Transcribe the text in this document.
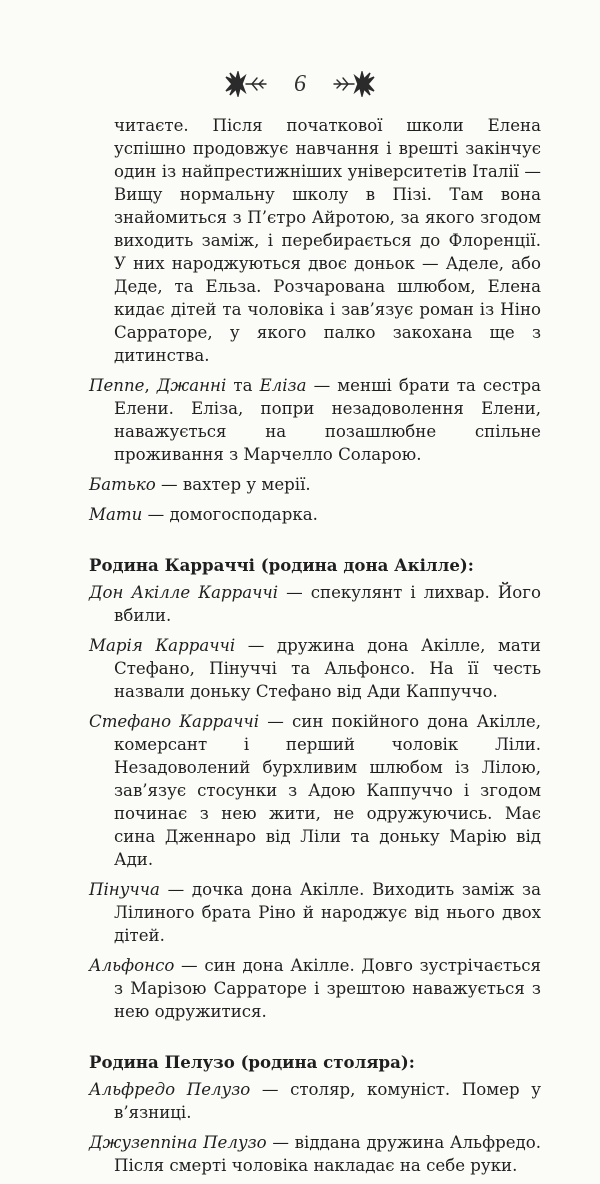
6

читаєте. Після початкової школи Елена успішно продовжує навчання і врешті закінчує один із найпрестижніших університетів Італії — Вищу нормальну школу в Пізі. Там вона знайомиться з П’єтро Айротою, за якого згодом виходить заміж, і перебирається до Флоренції. У них народжуються двоє доньок — Аделе, або Деде, та Ельза. Розчарована шлюбом, Елена кидає дітей та чоловіка і зав’язує роман із Ніно Сарраторе, у якого палко закохана ще з дитинства.

Пеппе, Джанні та Еліза — менші брати та сестра Елени. Еліза, попри незадоволення Елени, наважується на позашлюбне спільне проживання з Марчелло Соларою.

Батько — вахтер у мерії.

Мати — домогосподарка.

Родина Карраччі (родина дона Акілле):

Дон Акілле Карраччі — спекулянт і лихвар. Його вбили.

Марія Карраччі — дружина дона Акілле, мати Стефано, Пінуччі та Альфонсо. На її честь назвали доньку Стефано від Ади Каппуччо.

Стефано Карраччі — син покійного дона Акілле, комерсант і перший чоловік Ліли. Незадоволений бурхливим шлюбом із Лілою, зав’язує стосунки з Адою Каппуччо і згодом починає з нею жити, не одружуючись. Має сина Дженнаро від Ліли та доньку Марію від Ади.

Пінучча — дочка дона Акілле. Виходить заміж за Лілиного брата Ріно й народжує від нього двох дітей.

Альфонсо — син дона Акілле. Довго зустрічається з Марізою Сарраторе і зрештою наважується з нею одружитися.

Родина Пелузо (родина столяра):

Альфредо Пелузо — столяр, комуніст. Помер у в’язниці.

Джузеппіна Пелузо — віддана дружина Альфредо. Після смерті чоловіка накладає на себе руки.
